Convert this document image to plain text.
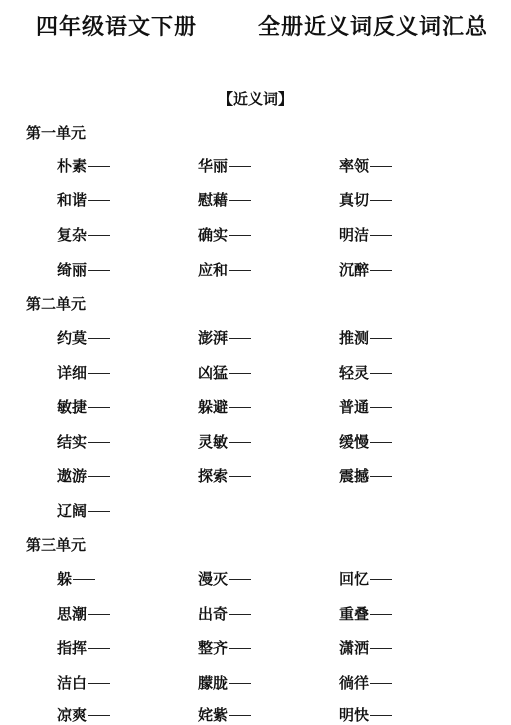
四年级语文下册	全册近义词反义词汇总
【近义词】
第一单元
朴素	华丽	率领
和谐	慰藉	真切
复杂	确实	明洁
绮丽	应和	沉醉
第二单元
约莫	澎湃	推测
详细	凶猛	轻灵
敏捷	躲避	普通
结实	灵敏	缓慢
遨游	探索	震撼
辽阔
第三单元
躲	漫灭	回忆
思潮	出奇	重叠
指挥	整齐	潇洒
洁白	朦胧	徜徉
凉爽	姹紫	明快
